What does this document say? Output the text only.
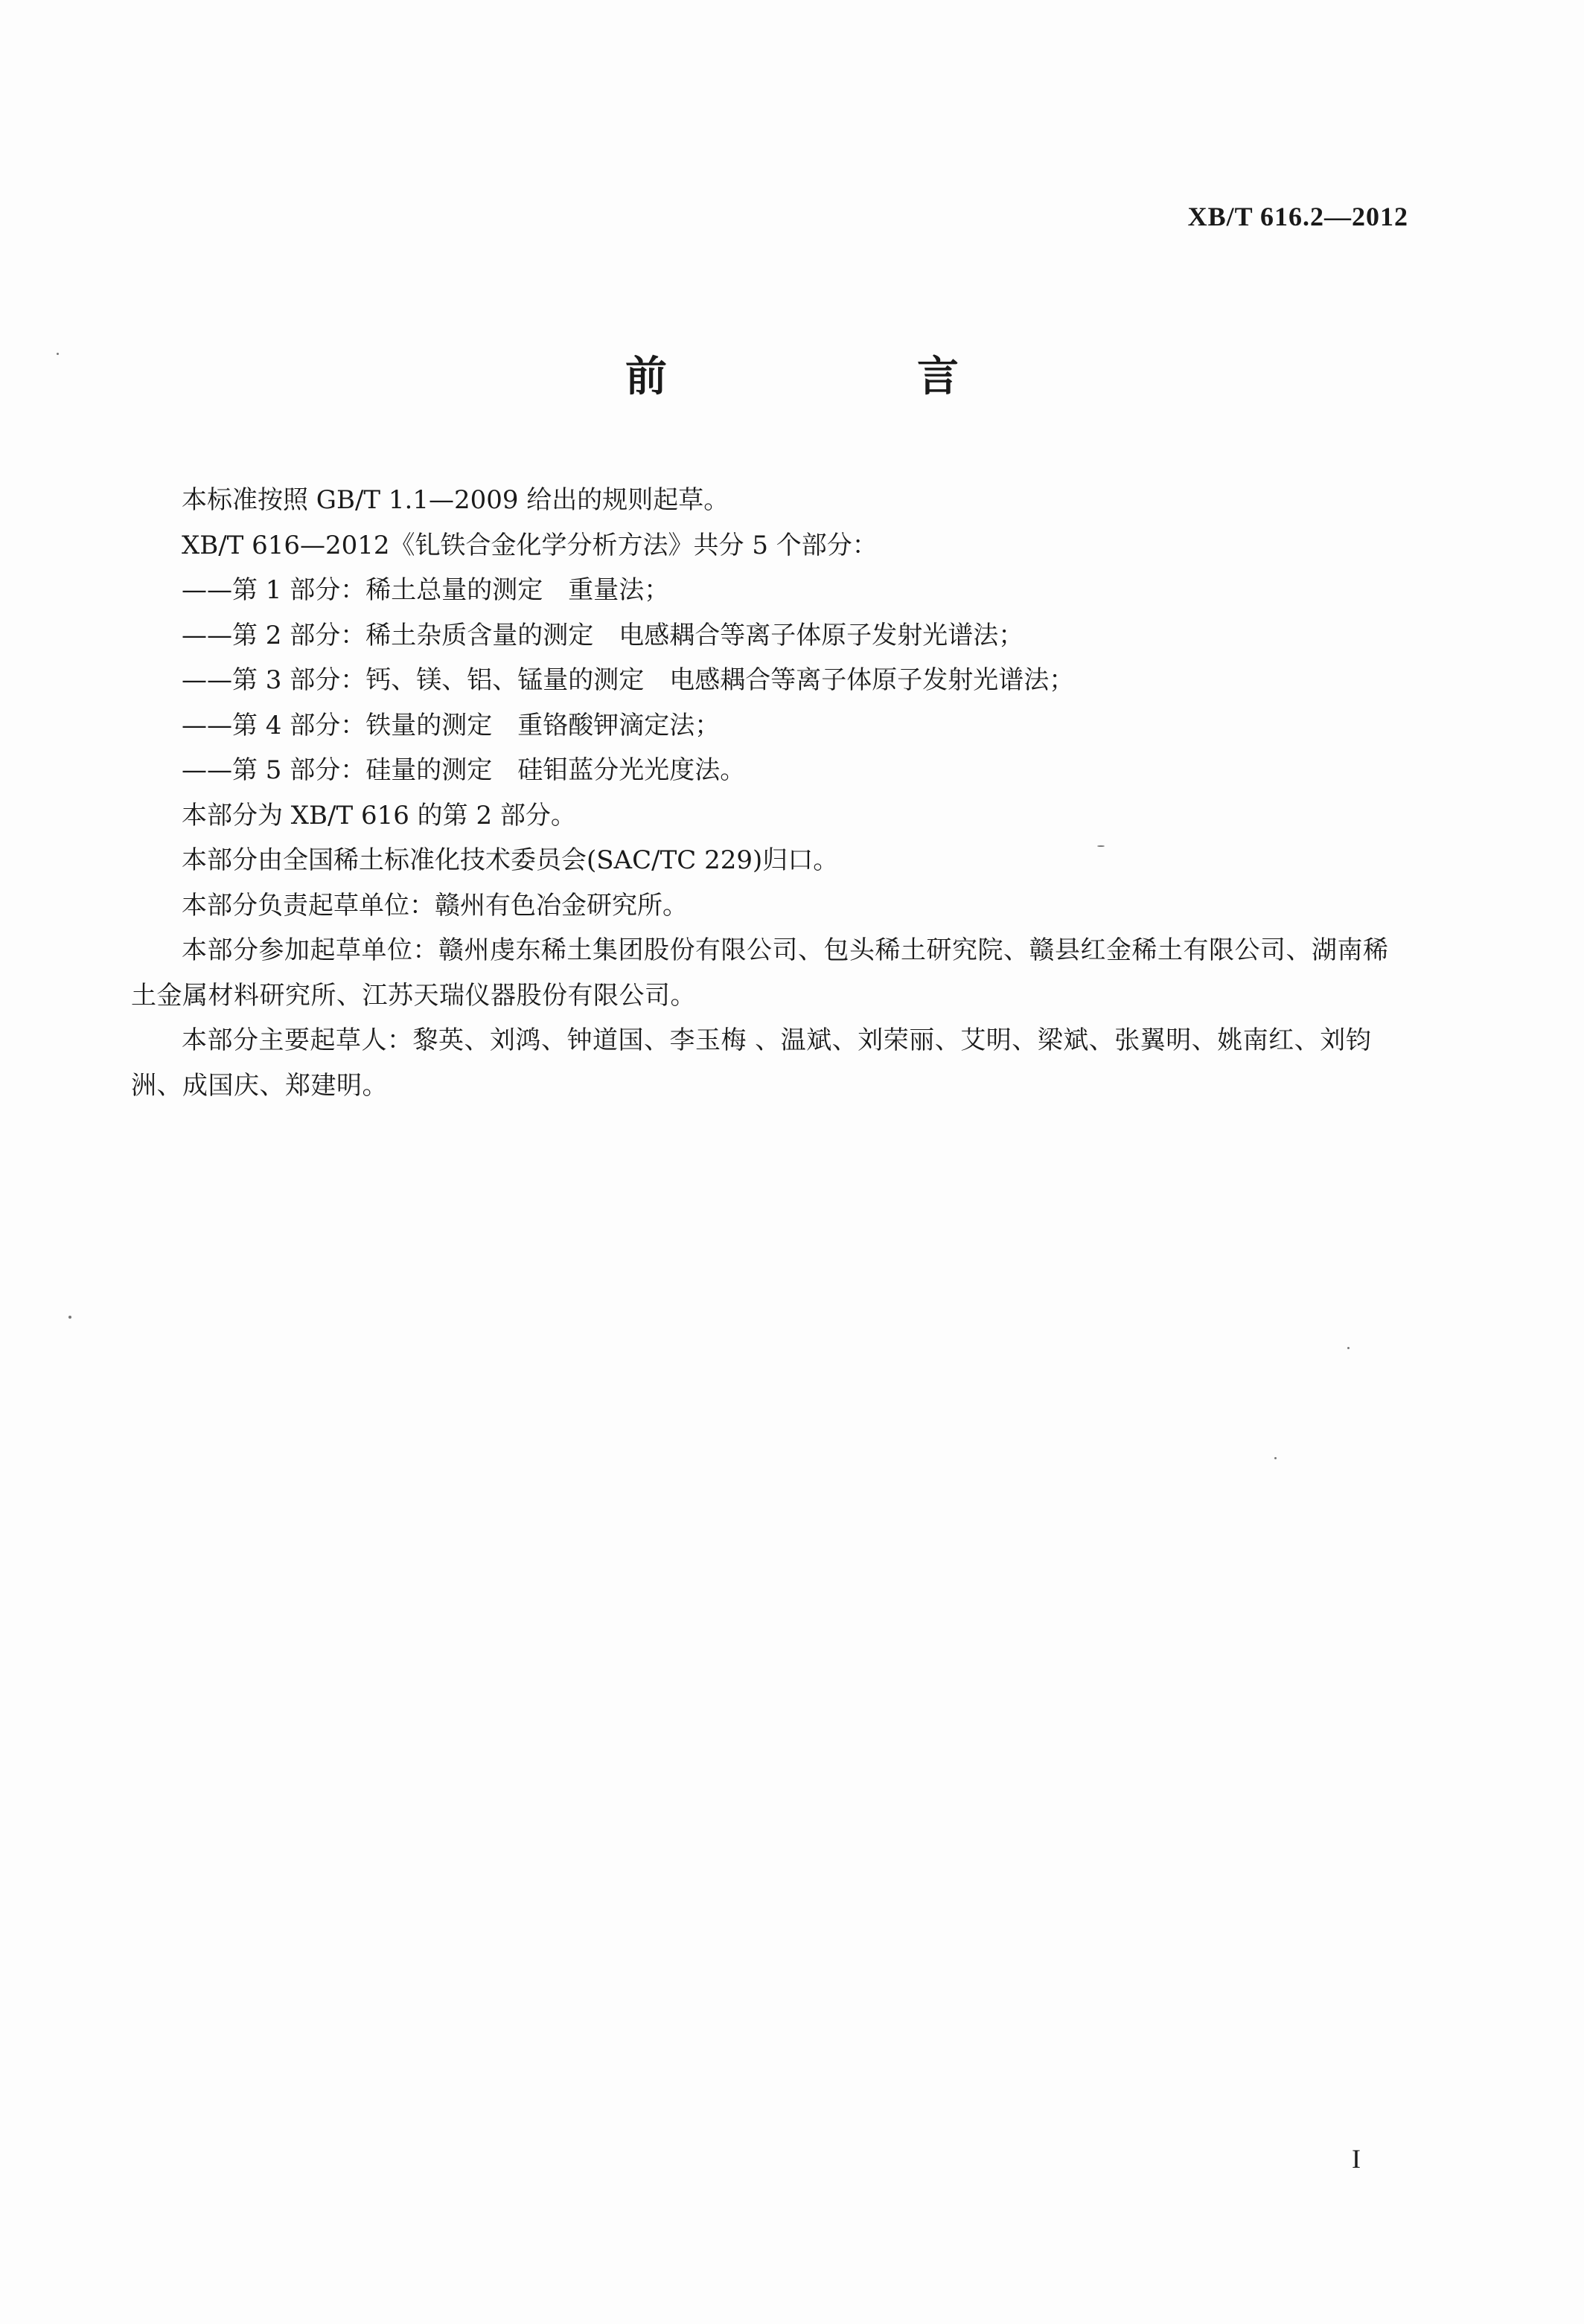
XB/T 616.2—2012
前　言

本标准按照 GB/T 1.1—2009 给出的规则起草。

XB/T 616—2012《钆铁合金化学分析方法》共分 5 个部分：

——第 1 部分：稀土总量的测定　重量法；

——第 2 部分：稀土杂质含量的测定　电感耦合等离子体原子发射光谱法；

——第 3 部分：钙、镁、铝、锰量的测定　电感耦合等离子体原子发射光谱法；

——第 4 部分：铁量的测定　重铬酸钾滴定法；

——第 5 部分：硅量的测定　硅钼蓝分光光度法。

本部分为 XB/T 616 的第 2 部分。

本部分由全国稀土标准化技术委员会(SAC/TC 229)归口。

本部分负责起草单位：赣州有色冶金研究所。

本部分参加起草单位：赣州虔东稀土集团股份有限公司、包头稀土研究院、赣县红金稀土有限公司、湖南稀土金属材料研究所、江苏天瑞仪器股份有限公司。

本部分主要起草人：黎英、刘鸿、钟道国、李玉梅 、温斌、刘荣丽、艾明、梁斌、张翼明、姚南红、刘钧洲、成国庆、郑建明。

I
